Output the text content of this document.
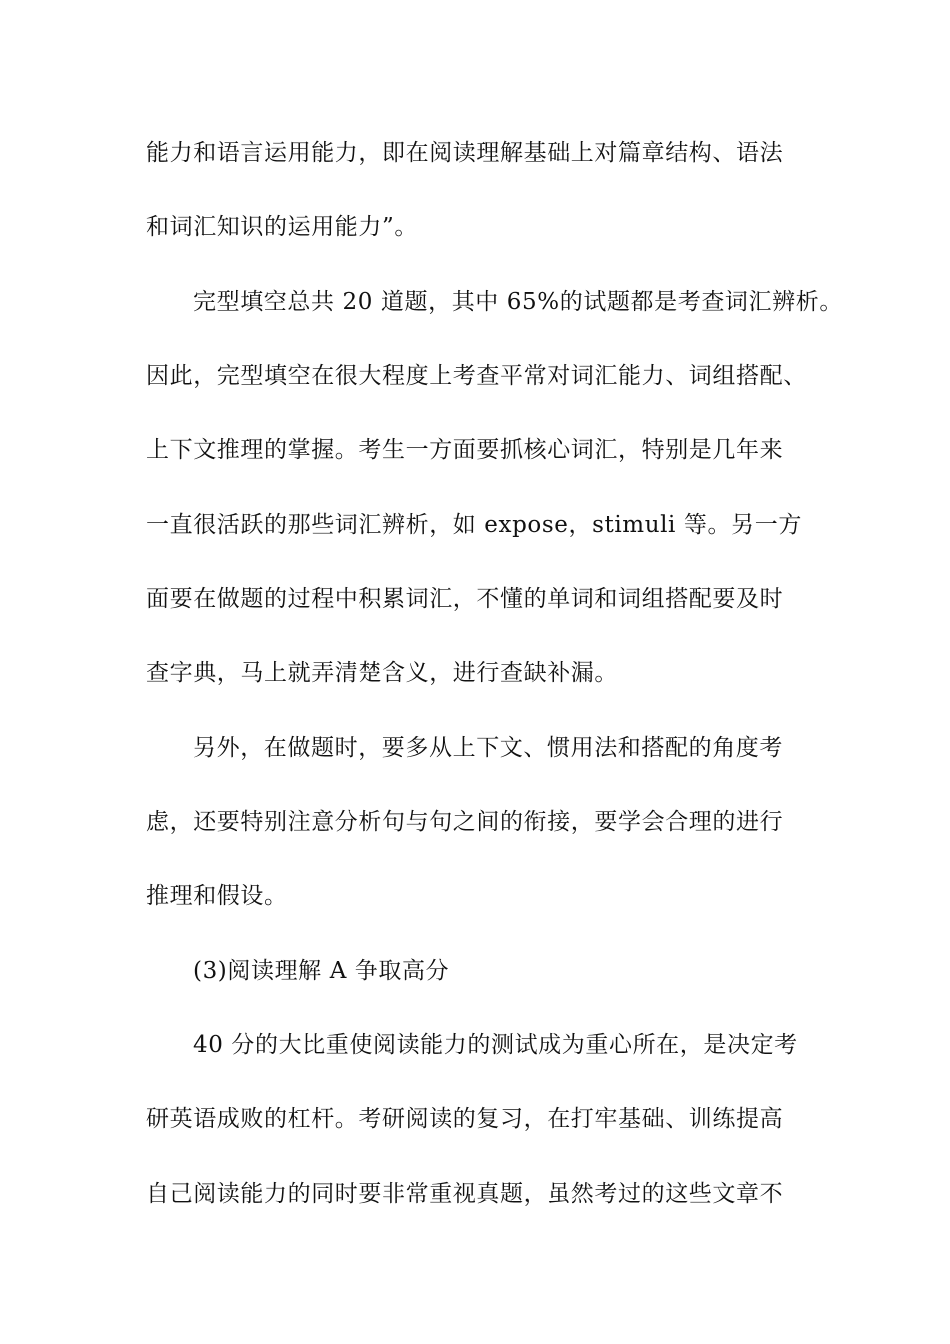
能力和语言运用能力，即在阅读理解基础上对篇章结构、语法

和词汇知识的运用能力”。

完型填空总共 20 道题，其中 65%的试题都是考查词汇辨析。

因此，完型填空在很大程度上考查平常对词汇能力、词组搭配、

上下文推理的掌握。考生一方面要抓核心词汇，特别是几年来

一直很活跃的那些词汇辨析，如 expose，stimuli 等。另一方

面要在做题的过程中积累词汇，不懂的单词和词组搭配要及时

查字典，马上就弄清楚含义，进行查缺补漏。

另外，在做题时，要多从上下文、惯用法和搭配的角度考

虑，还要特别注意分析句与句之间的衔接，要学会合理的进行

推理和假设。

(3)阅读理解 A 争取高分

40 分的大比重使阅读能力的测试成为重心所在，是决定考

研英语成败的杠杆。考研阅读的复习，在打牢基础、训练提高

自己阅读能力的同时要非常重视真题，虽然考过的这些文章不
